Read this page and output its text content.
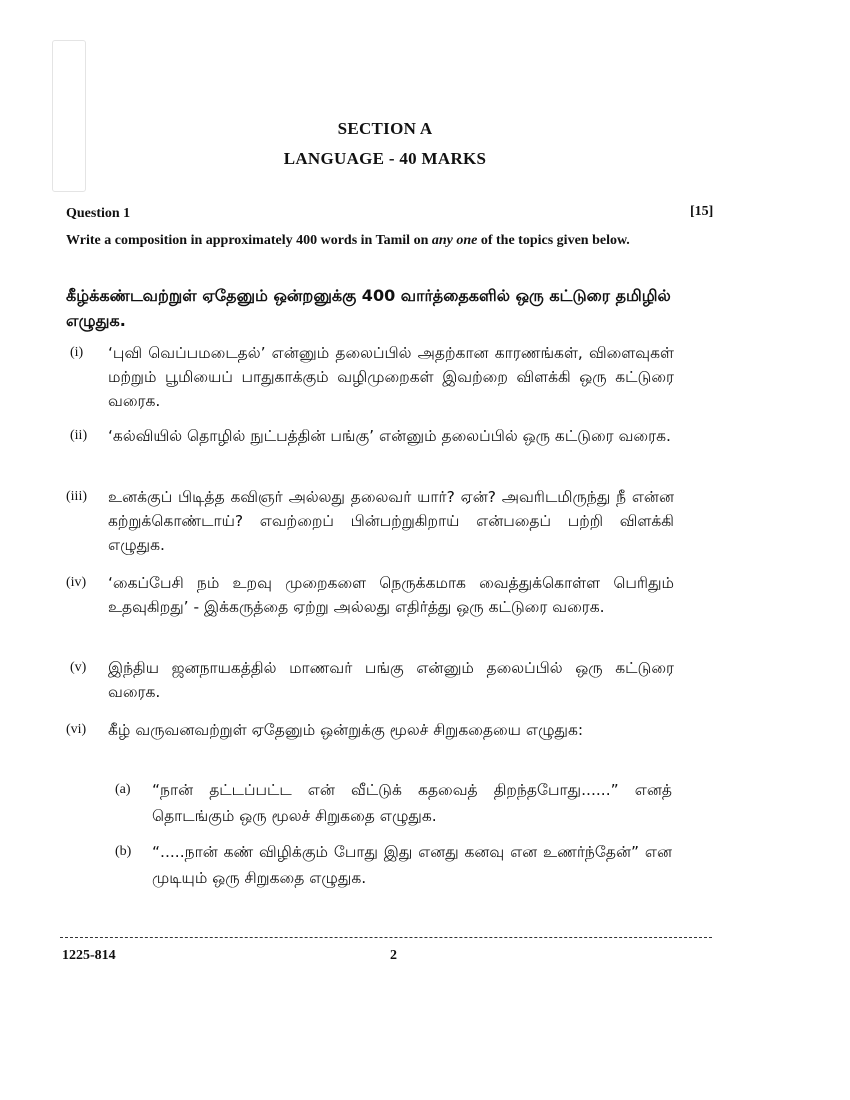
SECTION A
LANGUAGE - 40 MARKS
Question 1	[15]
Write a composition in approximately 400 words in Tamil on any one of the topics given below.
கீழ்க்கண்டவற்றுள் ஏதேனும் ஒன்றனுக்கு 400 வார்த்தைகளில் ஒரு கட்டுரை தமிழில் எழுதுக.
(i) ‘புவி வெப்பமடைதல்’ என்னும் தலைப்பில் அதற்கான காரணங்கள், விளைவுகள் மற்றும் பூமியைப் பாதுகாக்கும் வழிமுறைகள் இவற்றை விளக்கி ஒரு கட்டுரை வரைக.
(ii) ‘கல்வியில் தொழில் நுட்பத்தின் பங்கு’ என்னும் தலைப்பில் ஒரு கட்டுரை வரைக.
(iii) உனக்குப் பிடித்த கவிஞர் அல்லது தலைவர் யார்? ஏன்? அவரிடமிருந்து நீ என்ன கற்றுக்கொண்டாய்? எவற்றைப் பின்பற்றுகிறாய் என்பதைப் பற்றி விளக்கி எழுதுக.
(iv) ‘கைப்பேசி நம் உறவு முறைகளை நெருக்கமாக வைத்துக்கொள்ள பெரிதும் உதவுகிறது’ - இக்கருத்தை ஏற்று அல்லது எதிர்த்து ஒரு கட்டுரை வரைக.
(v) இந்திய ஜனநாயகத்தில் மாணவர் பங்கு என்னும் தலைப்பில் ஒரு கட்டுரை வரைக.
(vi) கீழ் வருவனவற்றுள் ஏதேனும் ஒன்றுக்கு மூலச் சிறுகதையை எழுதுக:
(a) “நான் தட்டப்பட்ட என் வீட்டுக் கதவைத் திறந்தபோது......” எனத் தொடங்கும் ஒரு மூலச் சிறுகதை எழுதுக.
(b) “.....நான் கண் விழிக்கும் போது இது எனது கனவு என உணர்ந்தேன்” என முடியும் ஒரு சிறுகதை எழுதுக.
1225-814	2
